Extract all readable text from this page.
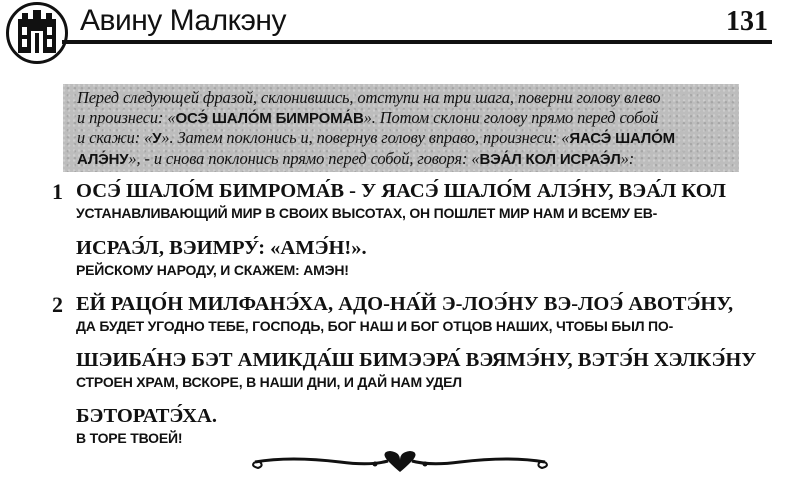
Авину Малкэну	131
Перед следующей фразой, склонившись, отступи на три шага, поверни голову влево
и произнеси: «ОСЭ́ ШАЛО́М БИМРОМА́В». Потом склони голову прямо перед собой
и скажи: «У». Затем поклонись и, повернув голову вправо, произнеси: «ЯАСЭ́ ШАЛО́М
АЛЭ́НУ», - и снова поклонись прямо перед собой, говоря: «ВЭА́Л КОЛ ИСРАЭ́Л»:
1 ОСЭ́ ШАЛО́М БИМРОМА́В - У ЯАСЭ́ ШАЛО́М АЛЭ́НУ, ВЭА́Л КОЛ
УСТАНАВЛИВАЮЩИЙ МИР В СВОИХ ВЫСОТАХ, ОН ПОШЛЕТ МИР НАМ И ВСЕМУ ЕВ-
ИСРАЭ́Л, ВЭИМРУ́: «АМЭ́Н!».
РЕЙСКОМУ НАРОДУ, И СКАЖЕМ: АМЭН!
2 ЕЙ РАЦО́Н МИЛФАНЭ́ХА, АДО-НА́Й Э-ЛОЭ́НУ ВЭ-ЛОЭ́ АВОТЭ́НУ,
ДА БУДЕТ УГОДНО ТЕБЕ, ГОСПОДЬ, БОГ НАШ И БОГ ОТЦОВ НАШИХ, ЧТОБЫ БЫЛ ПО-
ШЭИБА́НЭ БЭТ АМИКДА́Ш БИМЭЭРА́ ВЭЯМЭ́НУ, ВЭТЭ́Н ХЭЛКЭ́НУ
СТРОЕН ХРАМ, ВСКОРЕ, В НАШИ ДНИ, И ДАЙ НАМ УДЕЛ
БЭТОРАТЭ́ХА.
В ТОРЕ ТВОЕЙ!
